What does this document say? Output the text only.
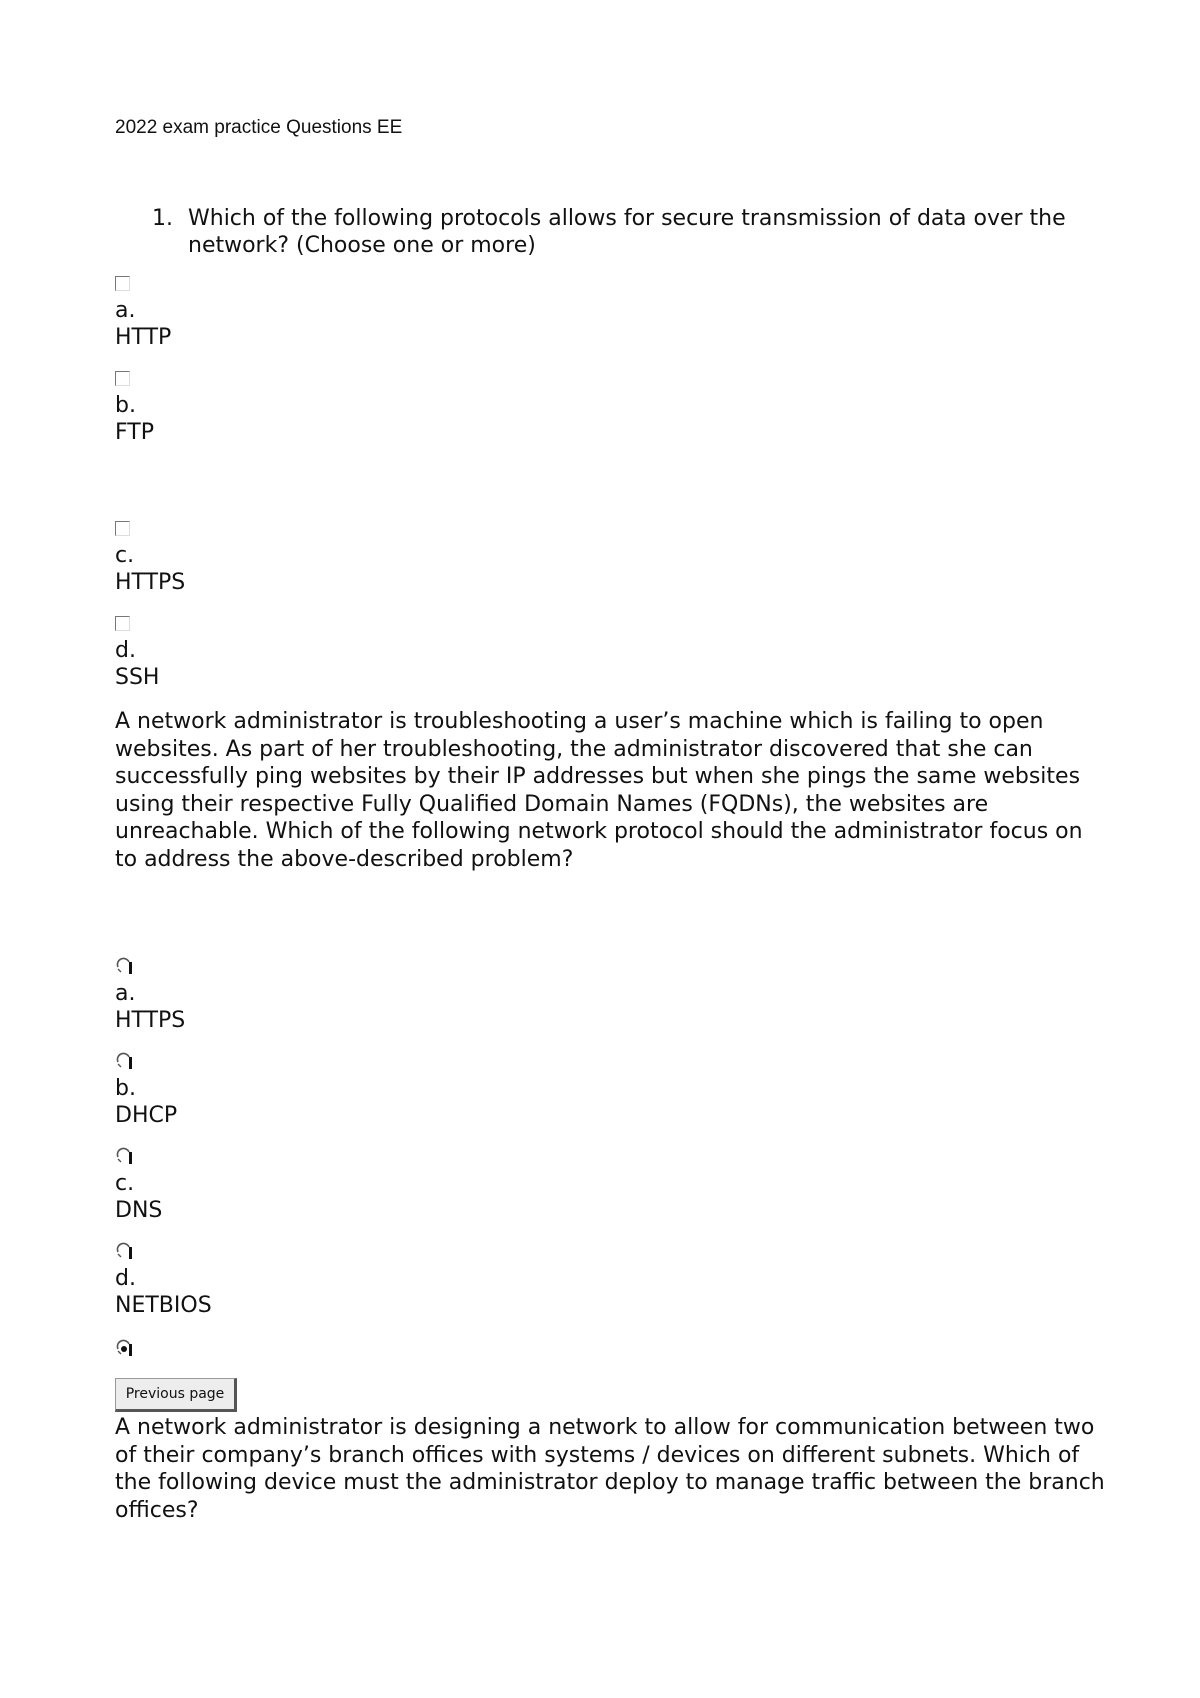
2022 exam practice Questions EE
1. Which of the following protocols allows for secure transmission of data over the network? (Choose one or more)
a.
HTTP
b.
FTP
c.
HTTPS
d.
SSH
A network administrator is troubleshooting a user’s machine which is failing to open websites. As part of her troubleshooting, the administrator discovered that she can successfully ping websites by their IP addresses but when she pings the same websites using their respective Fully Qualified Domain Names (FQDNs), the websites are unreachable. Which of the following network protocol should the administrator focus on to address the above-described problem?
a.
HTTPS
b.
DHCP
c.
DNS
d.
NETBIOS
Previous page
A network administrator is designing a network to allow for communication between two of their company’s branch offices with systems / devices on different subnets. Which of the following device must the administrator deploy to manage traffic between the branch offices?
